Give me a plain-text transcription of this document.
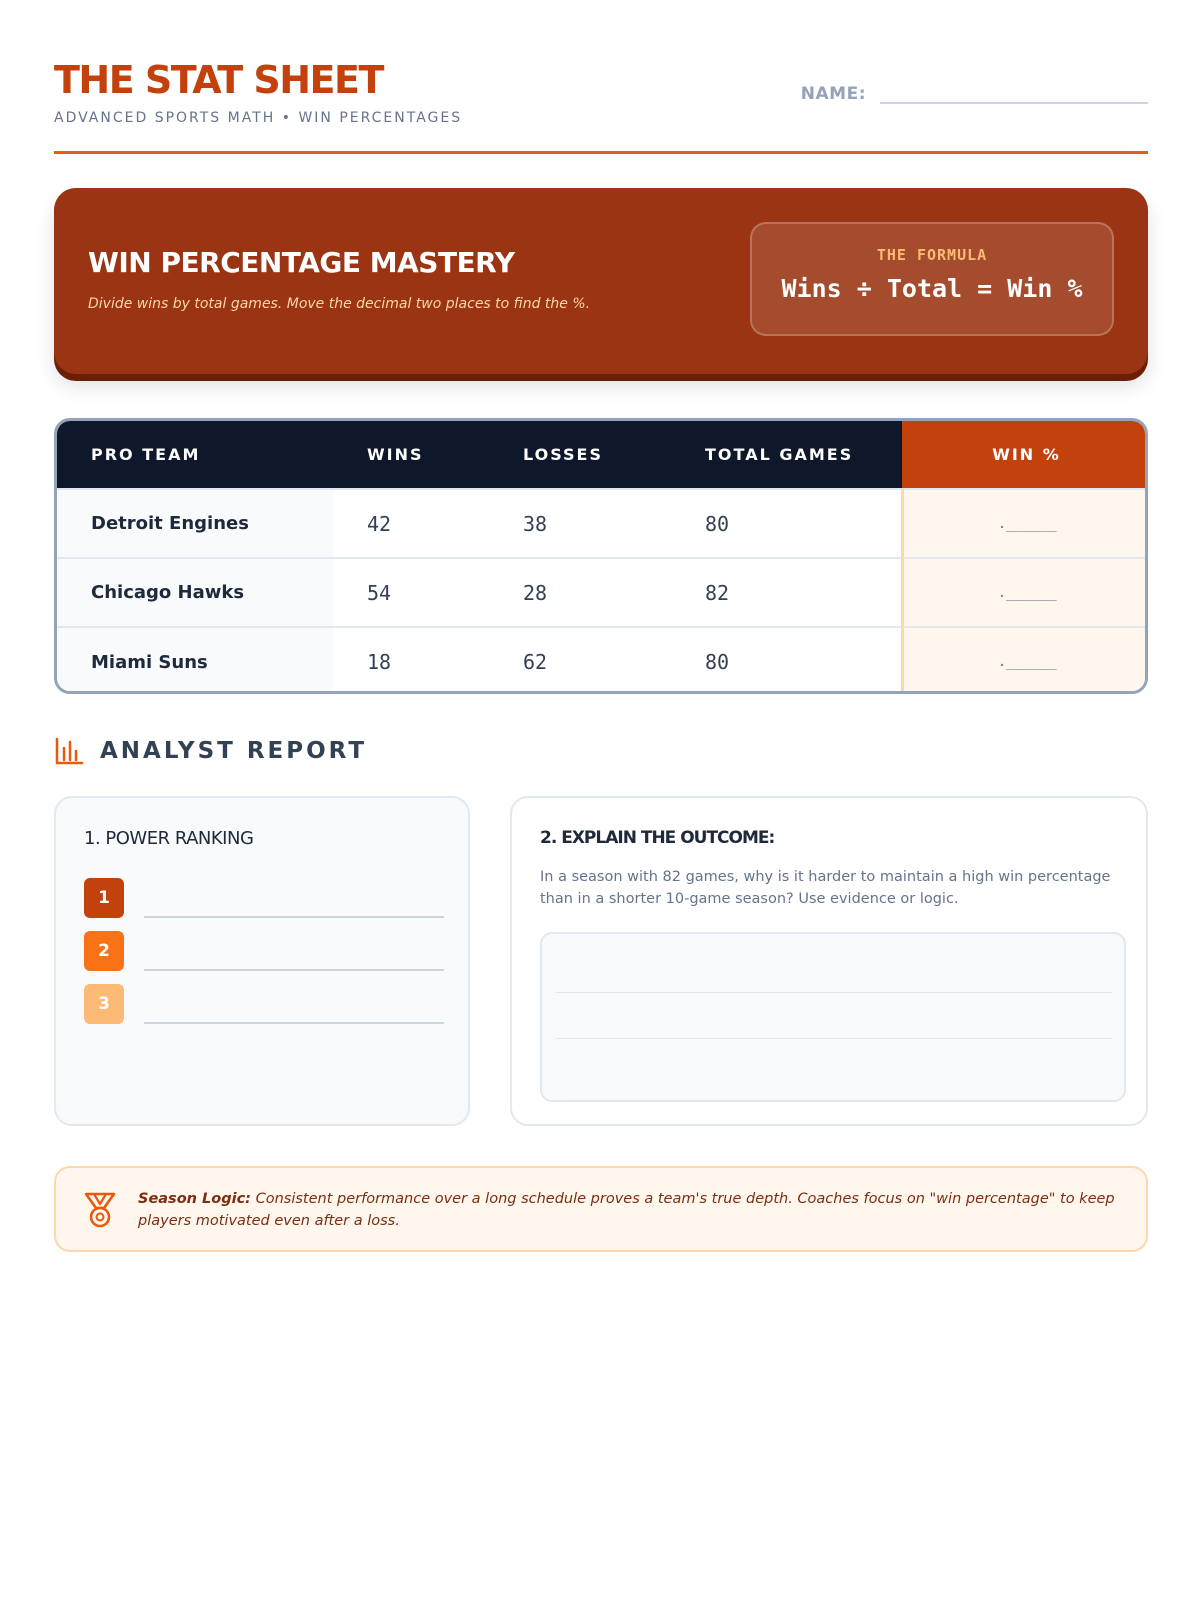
THE STAT SHEET
ADVANCED SPORTS MATH • WIN PERCENTAGES
NAME:
WIN PERCENTAGE MASTERY
Divide wins by total games. Move the decimal two places to find the %.
THE FORMULA
Wins ÷ Total = Win %
PRO TEAM	WINS	LOSSES	TOTAL GAMES	WIN %
Detroit Engines	42	38	80	.______
Chicago Hawks	54	28	82	.______
Miami Suns	18	62	80	.______
ANALYST REPORT
1. POWER RANKING
1
2
3
2. EXPLAIN THE OUTCOME:
In a season with 82 games, why is it harder to maintain a high win percentage than in a shorter 10-game season? Use evidence or logic.
Season Logic: Consistent performance over a long schedule proves a team's true depth. Coaches focus on "win percentage" to keep players motivated even after a loss.
